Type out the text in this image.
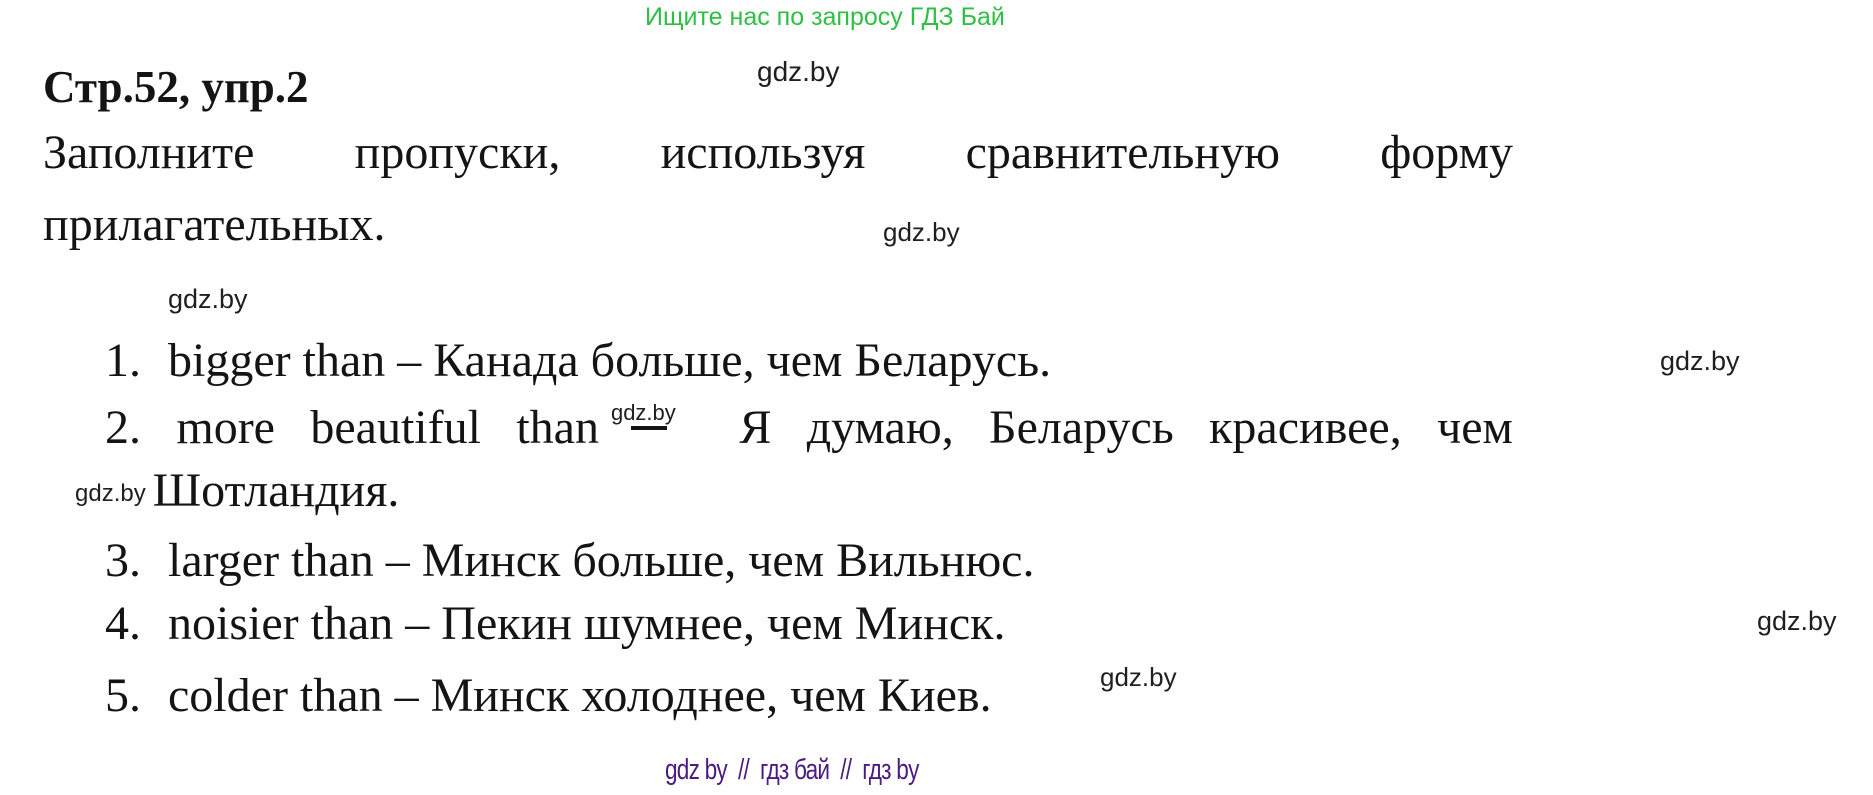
Ищите нас по запросу ГДЗ Бай
gdz.by
gdz.by
gdz.by
gdz.by
gdz.by
gdz.by
Стр.52, упр.2
Заполните пропуски, используя сравнительную форму
прилагательных.
1. bigger than – Канада больше, чем Беларусь.
2. more beautiful than gdz.by Я думаю, Беларусь красивее, чем
gdz.by Шотландия.
3. larger than – Минск больше, чем Вильнюс.
4. noisier than – Пекин шумнее, чем Минск.
5. colder than – Минск холоднее, чем Киев.
gdz by  //  гдз бай  //  гдз by
